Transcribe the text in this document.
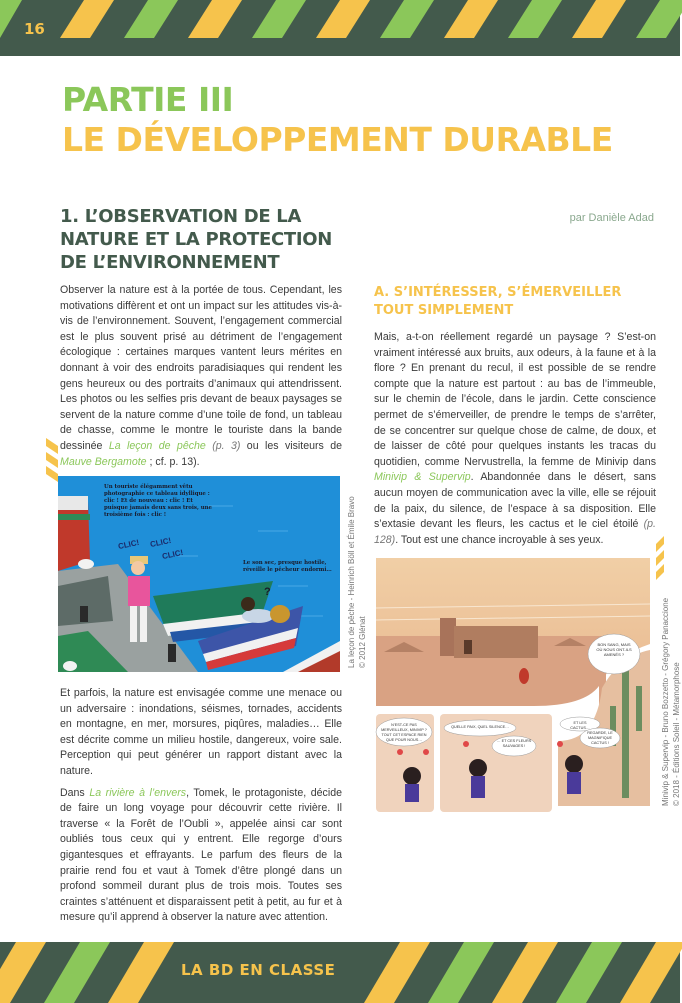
16
PARTIE III
LE DÉVELOPPEMENT DURABLE
1. L’OBSERVATION DE LA NATURE ET LA PROTECTION DE L’ENVIRONNEMENT
par Danièle Adad

Observer la nature est à la portée de tous. Cependant, les motivations diffèrent et ont un impact sur les attitudes vis-à-vis de l’environnement. Souvent, l’engagement commercial est le plus souvent prisé au détriment de l’engagement écologique : certaines marques vantent leurs mérites en donnant à voir des endroits paradisiaques qui rendent les gens heureux ou des portraits d’animaux qui attendrissent. Les photos ou les selfies pris devant de beaux paysages se servent de la nature comme d’une toile de fond, un tableau de chasse, comme le montre le touriste dans la bande dessinée La leçon de pêche (p. 3) ou les visiteurs de Mauve Bergamote ; cf. p. 13).

Un touriste élégamment vêtu photographie ce tableau idyllique : clic ! Et de nouveau : clic ! Et puisque jamais deux sans trois, une troisième fois : clic !
CLIC! CLIC!
CLIC!
Le son sec, presque hostile, réveille le pêcheur endormi…
?	La leçon de pêche - Heinrich Böll et Émile Bravo © 2012 Glénat

Et parfois, la nature est envisagée comme une menace ou un adversaire : inondations, séismes, tornades, accidents en montagne, en mer, morsures, piqûres, maladies… Elle est décrite comme un milieu hostile, dangereux, voire sale. Perception qui peut générer un rapport distant avec la nature.

Dans La rivière à l’envers, Tomek, le protagoniste, décide de faire un long voyage pour découvrir cette rivière. Il traverse « la Forêt de l’Oubli », appelée ainsi car sont oubliés tous ceux qui y entrent. Elle regorge d’ours gigantesques et effrayants. Le parfum des fleurs de la prairie rend fou et vaut à Tomek d’être plongé dans un profond sommeil durant plus de trois mois. Toutes ses craintes s’atténuent et disparaissent petit à petit, au fur et à mesure qu’il apprend à observer la nature avec attention.

A. S’INTÉRESSER, S’ÉMERVEILLER TOUT SIMPLEMENT

Mais, a-t-on réellement regardé un paysage ? S’est-on vraiment intéressé aux bruits, aux odeurs, à la faune et à la flore ? En prenant du recul, il est possible de se rendre compte que la nature est partout : au bas de l’immeuble, sur le chemin de l’école, dans le jardin. Cette conscience permet de s’émerveiller, de prendre le temps de s’arrêter, de se concentrer sur quelque chose de calme, de doux, et de laisser de côté pour quelques instants les tracas du quotidien, comme Nervustrella, la femme de Minivip dans Minivip & Supervip. Abandonnée dans le désert, sans aucun moyen de communication avec la ville, elle se réjouit de la paix, du silence, de l’espace à sa disposition. Elle s’extasie devant les fleurs, les cactus et le ciel étoilé (p. 128). Tout est une chance incroyable à ses yeux.

BON SANG, MAIS OÙ NOUS ONT-ILS AMENÉS ?
N’EST-CE PAS MERVEILLEUX, MINIVIP ? TOUT CET ESPACE RIEN QUE POUR NOUS…
QUELLE PAIX, QUEL SILENCE…
… ET CES FLEURS SAUVAGES !
ET LES CACTUS…
REGARDE, LE MAGNIFIQUE CACTUS !	Minivip & Supervip - Bruno Bozzetto - Grégory Panaccione © 2018 - Éditions Soleil - Métamorphose
LA BD EN CLASSE
